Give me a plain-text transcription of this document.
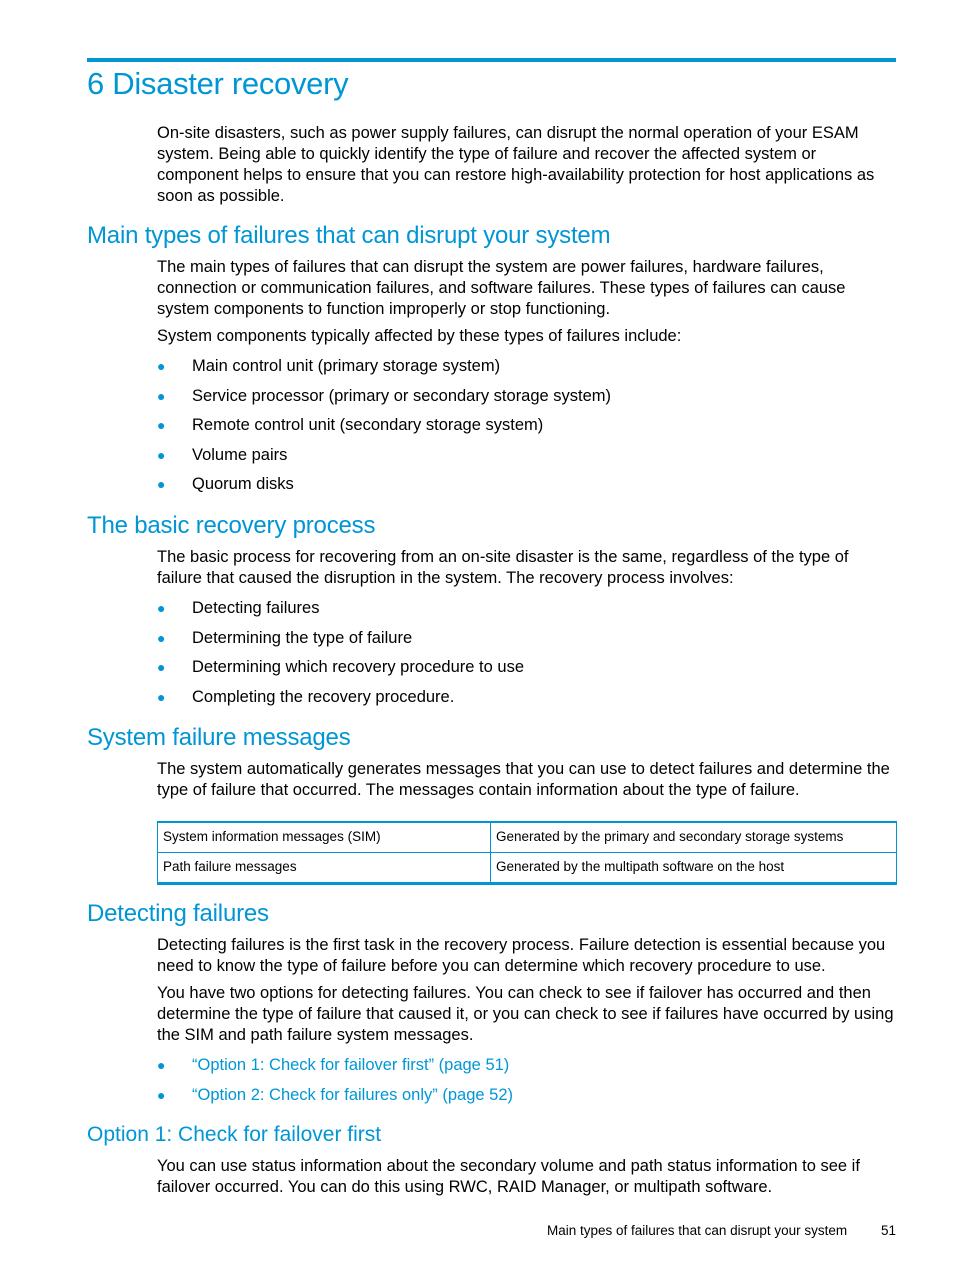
6 Disaster recovery

On-site disasters, such as power supply failures, can disrupt the normal operation of your ESAM system. Being able to quickly identify the type of failure and recover the affected system or component helps to ensure that you can restore high-availability protection for host applications as soon as possible.

Main types of failures that can disrupt your system

The main types of failures that can disrupt the system are power failures, hardware failures, connection or communication failures, and software failures. These types of failures can cause system components to function improperly or stop functioning.

System components typically affected by these types of failures include:

● Main control unit (primary storage system)
● Service processor (primary or secondary storage system)
● Remote control unit (secondary storage system)
● Volume pairs
● Quorum disks
The basic recovery process

The basic process for recovering from an on-site disaster is the same, regardless of the type of failure that caused the disruption in the system. The recovery process involves:

● Detecting failures
● Determining the type of failure
● Determining which recovery procedure to use
● Completing the recovery procedure.
System failure messages

The system automatically generates messages that you can use to detect failures and determine the type of failure that occurred. The messages contain information about the type of failure.

System information messages (SIM)	Generated by the primary and secondary storage systems
Path failure messages	Generated by the multipath software on the host
Detecting failures

Detecting failures is the first task in the recovery process. Failure detection is essential because you need to know the type of failure before you can determine which recovery procedure to use.

You have two options for detecting failures. You can check to see if failover has occurred and then determine the type of failure that caused it, or you can check to see if failures have occurred by using the SIM and path failure system messages.

● “Option 1: Check for failover first” (page 51)
● “Option 2: Check for failures only” (page 52)
Option 1: Check for failover first

You can use status information about the secondary volume and path status information to see if failover occurred. You can do this using RWC, RAID Manager, or multipath software.

Main types of failures that can disrupt your system	51
